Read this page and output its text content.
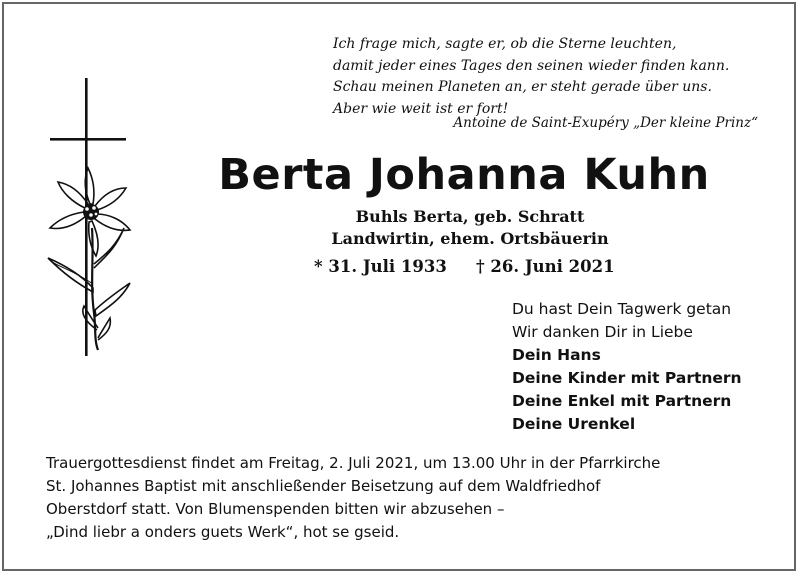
Ich frage mich, sagte er, ob die Sterne leuchten,
damit jeder eines Tages den seinen wieder finden kann.
Schau meinen Planeten an, er steht gerade über uns.
Aber wie weit ist er fort!
Antoine de Saint-Exupéry „Der kleine Prinz“
Berta Johanna Kuhn
Buhls Berta, geb. Schratt
Landwirtin, ehem. Ortsbäuerin
* 31. Juli 1933 † 26. Juni 2021
Du hast Dein Tagwerk getan
Wir danken Dir in Liebe
Dein Hans
Deine Kinder mit Partnern
Deine Enkel mit Partnern
Deine Urenkel
Trauergottesdienst findet am Freitag, 2. Juli 2021, um 13.00 Uhr in der Pfarrkirche
St. Johannes Baptist mit anschließender Beisetzung auf dem Waldfriedhof
Oberstdorf statt. Von Blumenspenden bitten wir abzusehen –
„Dind liebr a onders guets Werk“, hot se gseid.
